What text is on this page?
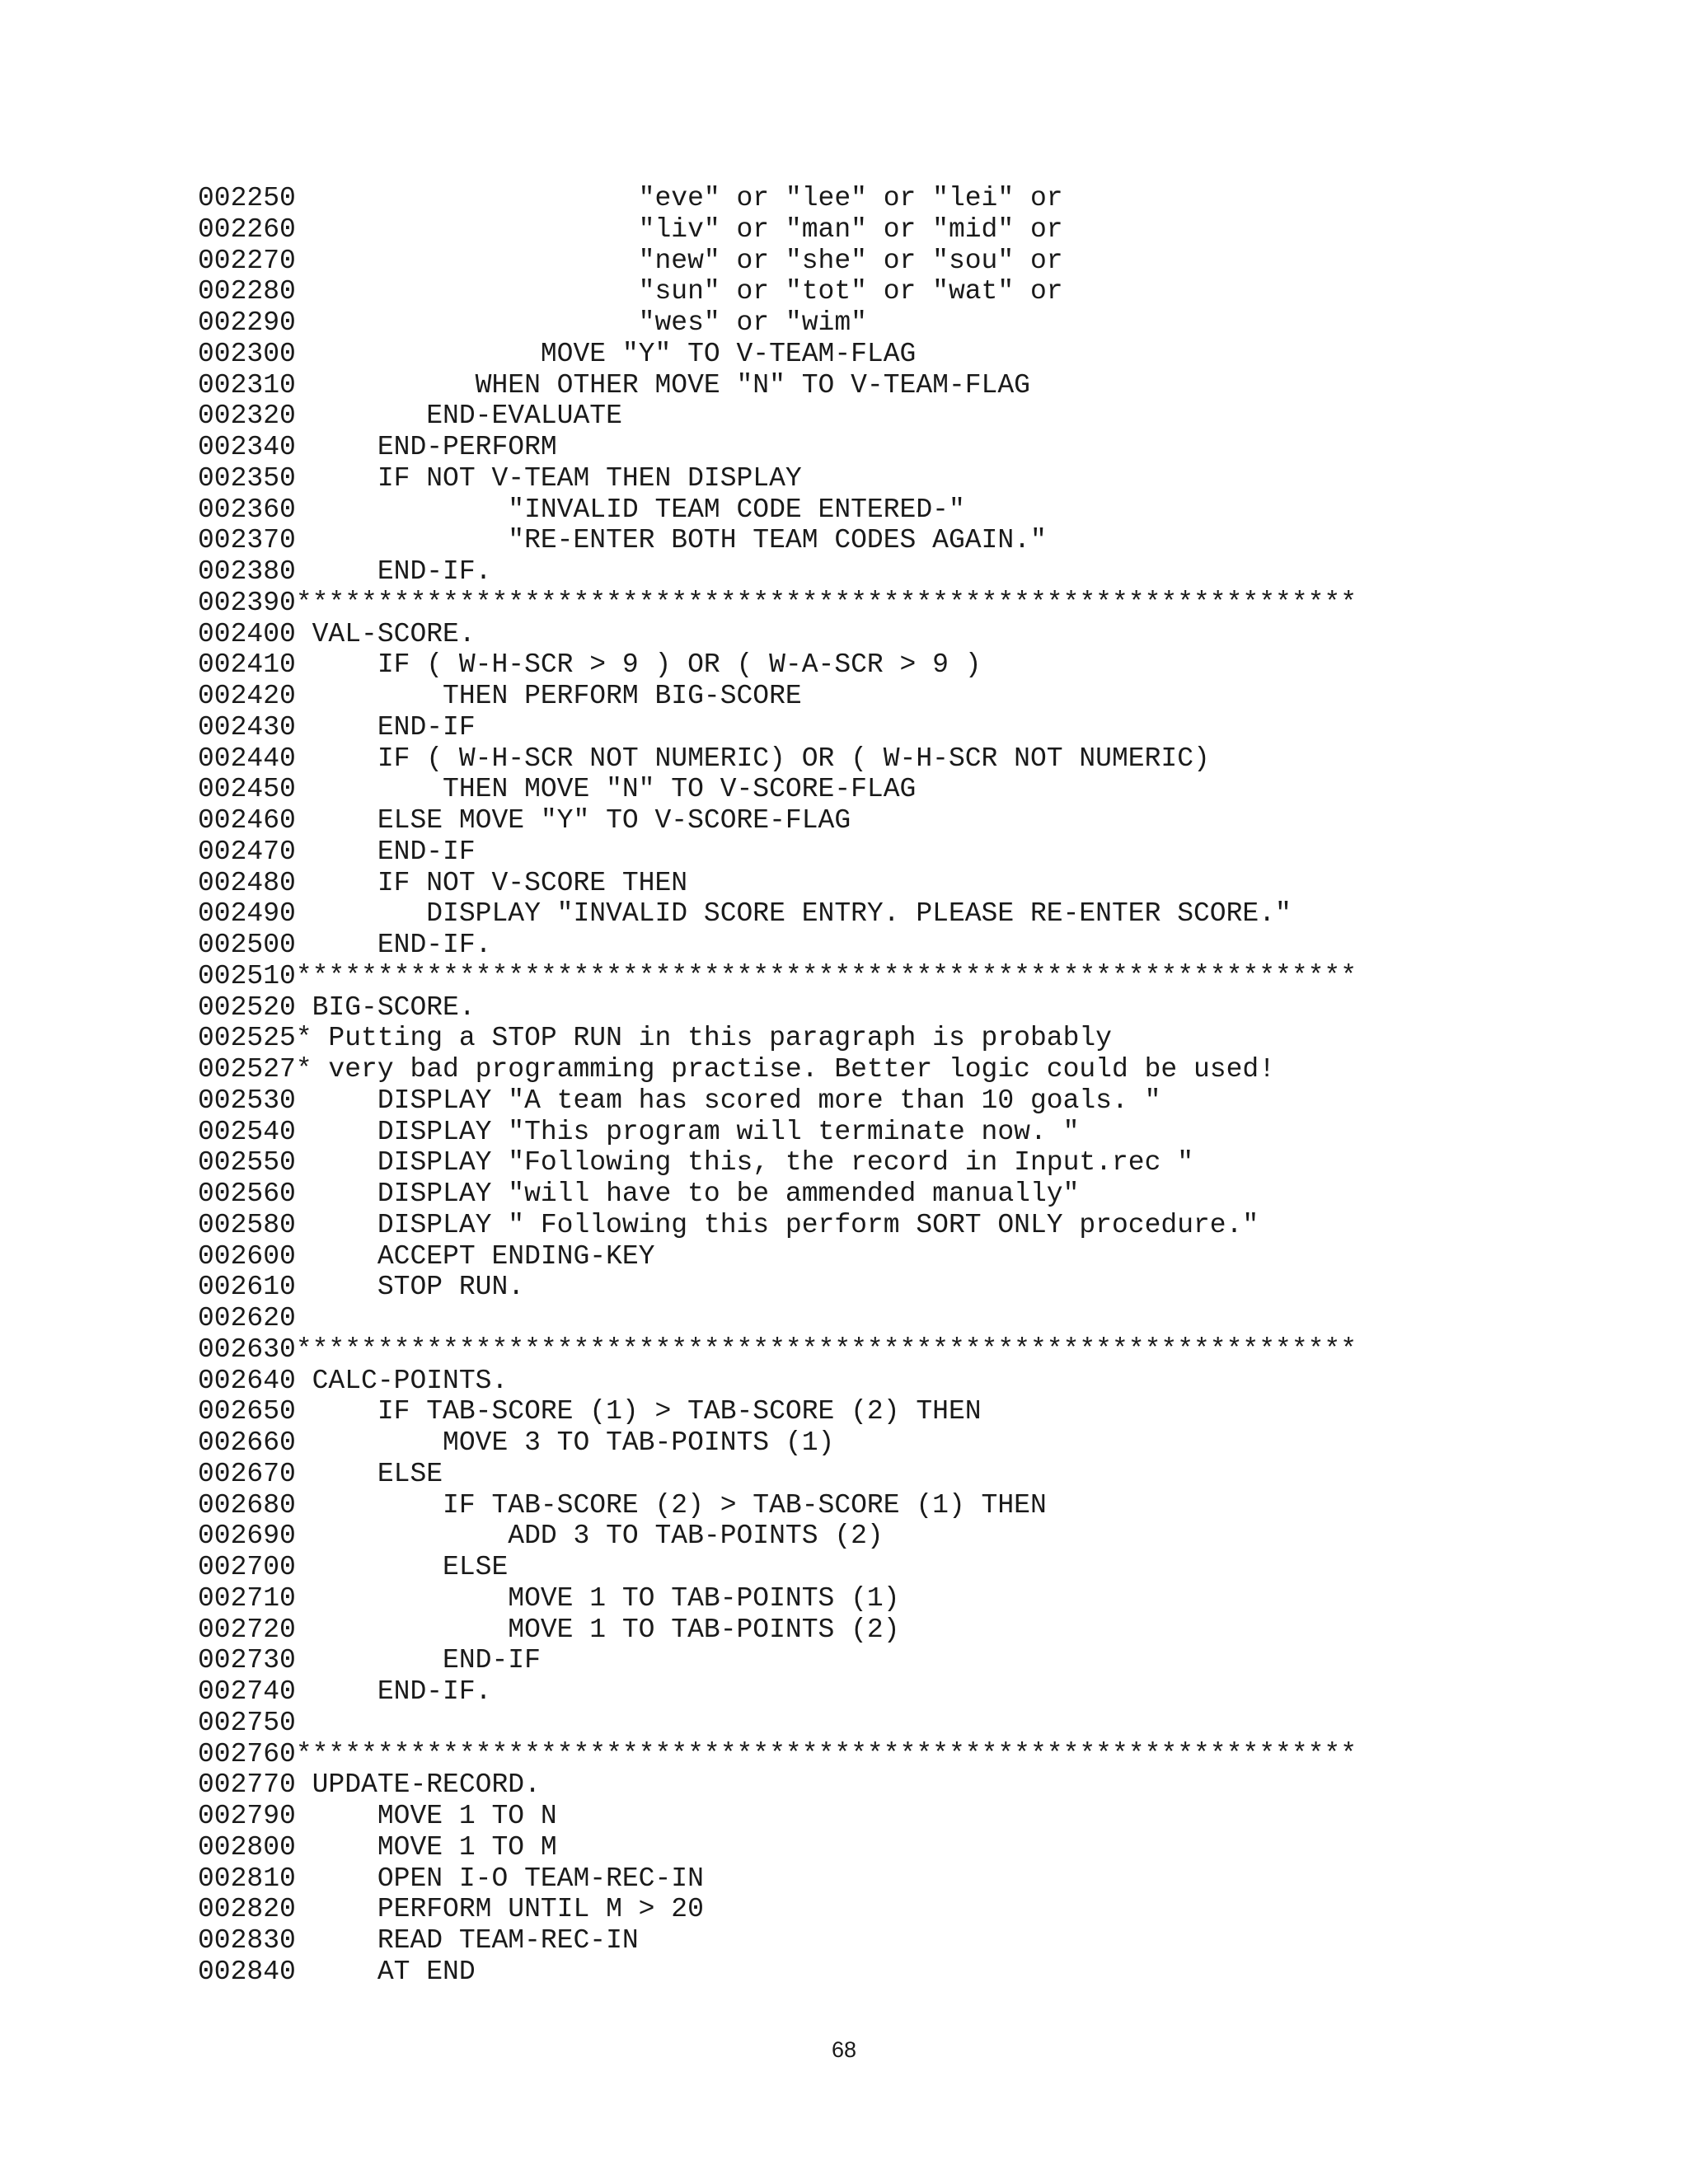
002250                     "eve" or "lee" or "lei" or
002260                     "liv" or "man" or "mid" or
002270                     "new" or "she" or "sou" or
002280                     "sun" or "tot" or "wat" or
002290                     "wes" or "wim"
002300               MOVE "Y" TO V-TEAM-FLAG
002310           WHEN OTHER MOVE "N" TO V-TEAM-FLAG
002320        END-EVALUATE
002340     END-PERFORM
002350     IF NOT V-TEAM THEN DISPLAY
002360             "INVALID TEAM CODE ENTERED-"
002370             "RE-ENTER BOTH TEAM CODES AGAIN."
002380     END-IF.
002390*****************************************************************
002400 VAL-SCORE.
002410     IF ( W-H-SCR > 9 ) OR ( W-A-SCR > 9 )
002420         THEN PERFORM BIG-SCORE
002430     END-IF
002440     IF ( W-H-SCR NOT NUMERIC) OR ( W-H-SCR NOT NUMERIC)
002450         THEN MOVE "N" TO V-SCORE-FLAG
002460     ELSE MOVE "Y" TO V-SCORE-FLAG
002470     END-IF
002480     IF NOT V-SCORE THEN
002490        DISPLAY "INVALID SCORE ENTRY. PLEASE RE-ENTER SCORE."
002500     END-IF.
002510*****************************************************************
002520 BIG-SCORE.
002525* Putting a STOP RUN in this paragraph is probably
002527* very bad programming practise. Better logic could be used!
002530     DISPLAY "A team has scored more than 10 goals. "
002540     DISPLAY "This program will terminate now. "
002550     DISPLAY "Following this, the record in Input.rec "
002560     DISPLAY "will have to be ammended manually"
002580     DISPLAY " Following this perform SORT ONLY procedure."
002600     ACCEPT ENDING-KEY
002610     STOP RUN.
002620
002630*****************************************************************
002640 CALC-POINTS.
002650     IF TAB-SCORE (1) > TAB-SCORE (2) THEN
002660         MOVE 3 TO TAB-POINTS (1)
002670     ELSE
002680         IF TAB-SCORE (2) > TAB-SCORE (1) THEN
002690             ADD 3 TO TAB-POINTS (2)
002700         ELSE
002710             MOVE 1 TO TAB-POINTS (1)
002720             MOVE 1 TO TAB-POINTS (2)
002730         END-IF
002740     END-IF.
002750
002760*****************************************************************
002770 UPDATE-RECORD.
002790     MOVE 1 TO N
002800     MOVE 1 TO M
002810     OPEN I-O TEAM-REC-IN
002820     PERFORM UNTIL M > 20
002830     READ TEAM-REC-IN
002840     AT END
68
